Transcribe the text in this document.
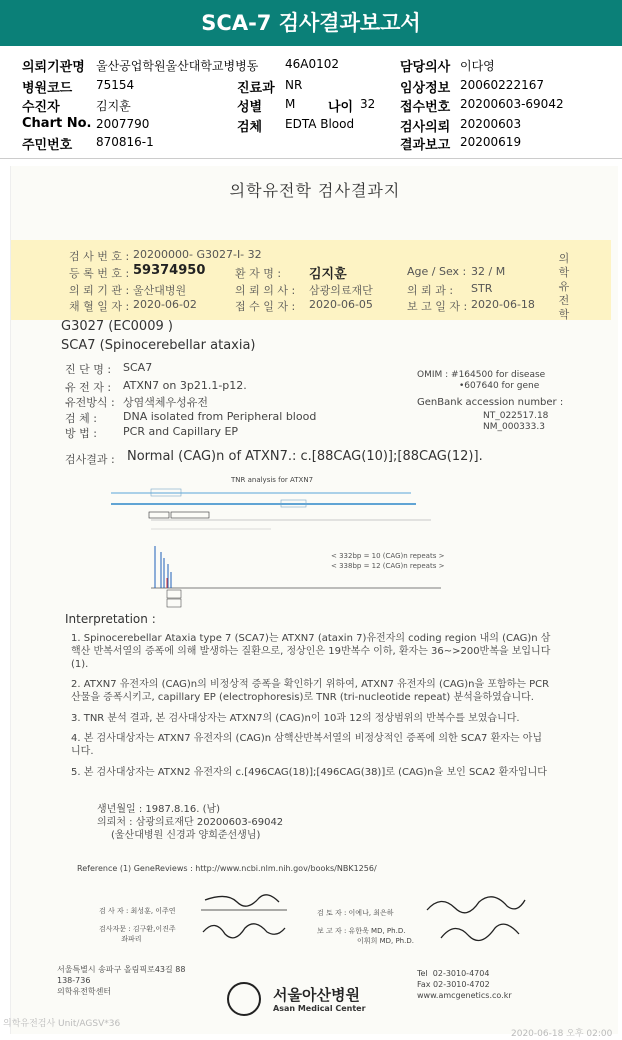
SCA-7 검사결과보고서
의뢰기관명 울산공업학원울산대학교병병동 46A0102	담당의사 이다영
병원코드 75154	진료과 NR	임상정보 20060222167
수진자	김지훈	성별 M	나이 32 접수번호 20200603-69042
Chart No. 2007790	검체 EDTA Blood	검사의뢰 20200603
주민번호 870816-1	결과보고 20200619
의학유전학 검사결과지
검 사 번 호 : 20200000- G3027-I- 32
등 록 번 호 : 59374950	환 자 명 : 김지훈	Age / Sex : 32 / M
의 뢰 기 관 : 울산대병원	의 뢰 의 사 : 삼광의료재단	의 뢰 과 : STR
채 혈 일 자 : 2020-06-02	접 수 일 자 : 2020-06-05	보 고 일 자 : 2020-06-18
의학유전학
G3027 (EC0009 )
SCA7 (Spinocerebellar ataxia)
진 단 명 : SCA7
유 전 자 : ATXN7 on 3p21.1-p12.
유전방식 : 상염색체우성유전
검 체 : DNA isolated from Peripheral blood
방 법 : PCR and Capillary EP
OMIM : #164500 for disease
•607640 for gene
GenBank accession number :
NT_022517.18
NM_000333.3
검사결과 : Normal (CAG)n of ATXN7.: c.[88CAG(10)];[88CAG(12)].
TNR analysis for ATXN7
< 332bp = 10 (CAG)n repeats >
< 338bp = 12 (CAG)n repeats >
Interpretation :
1. Spinocerebellar Ataxia type 7 (SCA7)는 ATXN7 (ataxin 7)유전자의 coding region 내의 (CAG)n 삼핵산 반복서열의 증폭에 의해 발생하는 질환으로, 정상인은 19반복수 이하, 환자는 36~>200반복을 보입니다 (1).
2. ATXN7 유전자의 (CAG)n의 비정상적 증폭을 확인하기 위하여, ATXN7 유전자의 (CAG)n을 포함하는 PCR 산물을 증폭시키고, capillary EP (electrophoresis)로 TNR (tri-nucleotide repeat) 분석을하였습니다.
3. TNR 분석 결과, 본 검사대상자는 ATXN7의 (CAG)n이 10과 12의 정상범위의 반복수를 보였습니다.
4. 본 검사대상자는 ATXN7 유전자의 (CAG)n 삼핵산반복서열의 비정상적인 증폭에 의한 SCA7 환자는 아닙니다.
5. 본 검사대상자는 ATXN2 유전자의 c.[496CAG(18)];[496CAG(38)]로 (CAG)n을 보인 SCA2 환자입니다
생년월일 : 1987.8.16. (남)
의뢰처 : 삼광의료재단 20200603-69042
(울산대병원 신경과 양희준선생님)
Reference (1) GeneReviews : http://www.ncbi.nlm.nih.gov/books/NBK1256/
검 사 자 : 최성훈, 이주연
검사자문 : 김구환,이진주
좌파리
검 토 자 : 이예나, 최은하
보 고 자 : 유한욱 MD, Ph.D.
이휘희 MD, Ph.D.
서울특별시 송파구 올림픽로43길 88
138-736
의학유전학센터
Tel  02-3010-4704
Fax 02-3010-4702
www.amcgenetics.co.kr
서울아산병원
Asan Medical Center
의학유전검사 Unit/AGSV*36
2020-06-18 오후 02:00
